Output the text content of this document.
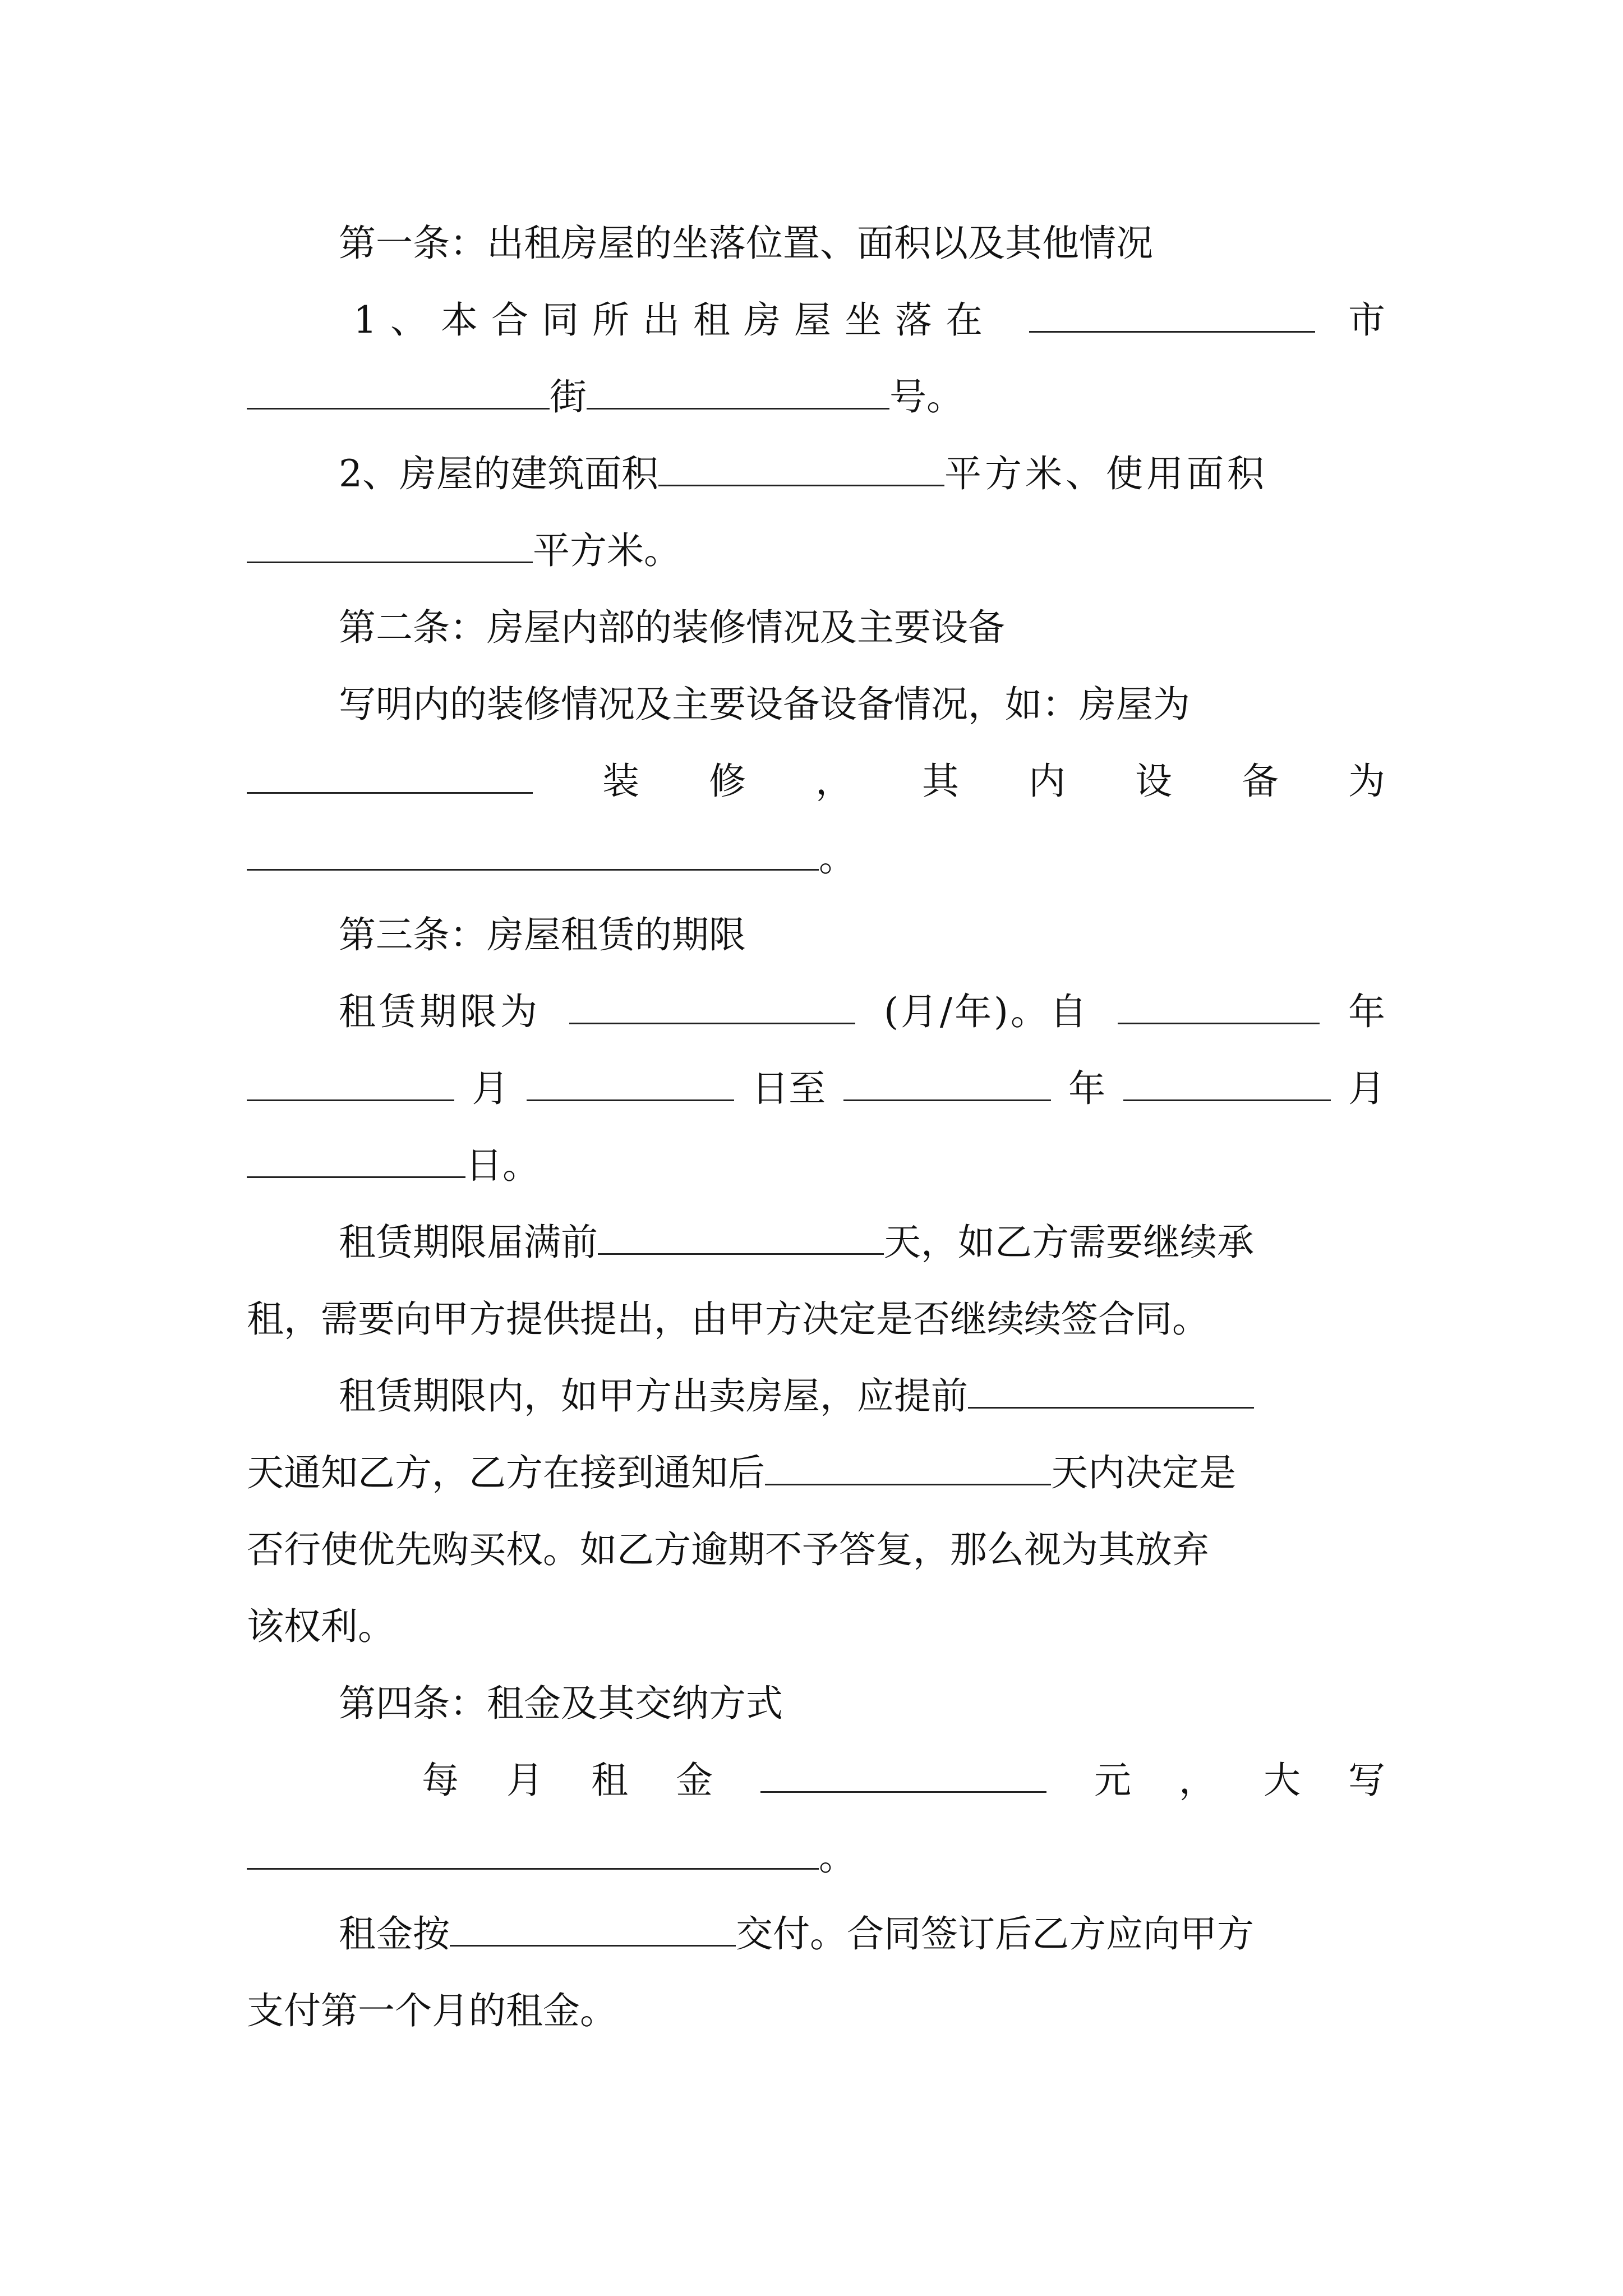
第一条：出租房屋的坐落位置、面积以及其他情况
1、本合同所出租房屋坐落在	市
街	号。
2、房屋的建筑面积	平方米、使用面积
平方米。
第二条：房屋内部的装修情况及主要设备
写明内的装修情况及主要设备设备情况，如：房屋为
装 修 ， 其 内 设 备 为
。
第三条：房屋租赁的期限
租赁期限为	(月/年)。自	年
月	日至	年	月
日。
租赁期限届满前	天，如乙方需要继续承
租，需要向甲方提供提出，由甲方决定是否继续续签合同。
租赁期限内，如甲方出卖房屋，应提前
天通知乙方，乙方在接到通知后	天内决定是
否行使优先购买权。如乙方逾期不予答复，那么视为其放弃
该权利。
第四条：租金及其交纳方式
每 月 租 金	元 ， 大 写
。
租金按	交付。合同签订后乙方应向甲方
支付第一个月的租金。
